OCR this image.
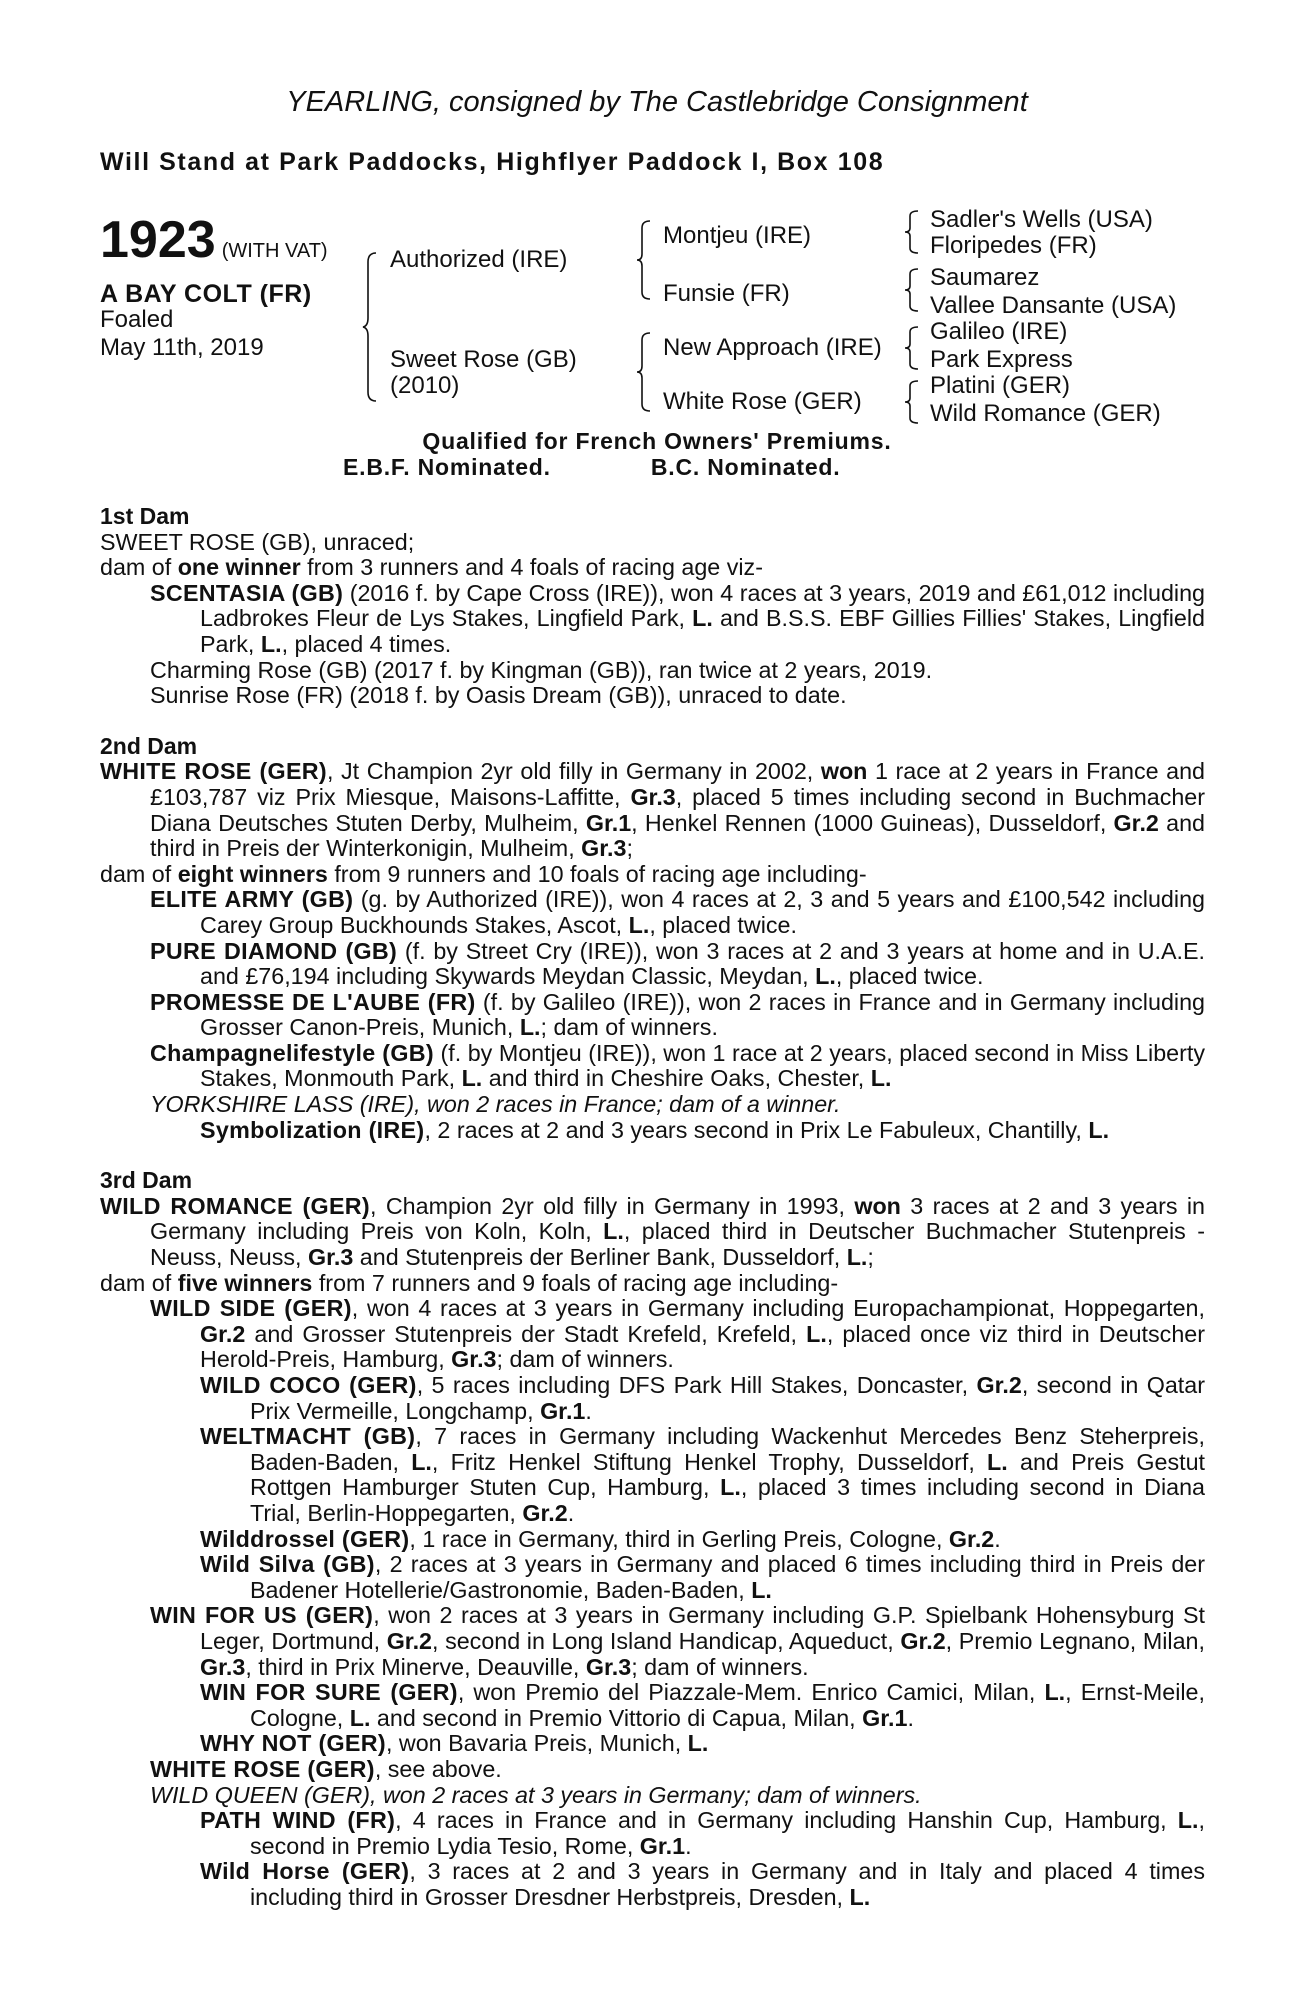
YEARLING, consigned by The Castlebridge Consignment
Will Stand at Park Paddocks, Highflyer Paddock I, Box 108
1923 (WITH VAT)
A BAY COLT (FR)
Foaled
May 11th, 2019
Authorized (IRE)
Sweet Rose (GB)
(2010)
Montjeu (IRE)
Funsie (FR)
New Approach (IRE)
White Rose (GER)
Sadler's Wells (USA)
Floripedes (FR)
Saumarez
Vallee Dansante (USA)
Galileo (IRE)
Park Express
Platini (GER)
Wild Romance (GER)
Qualified for French Owners' Premiums.
E.B.F. Nominated.	B.C. Nominated.
1st Dam
SWEET ROSE (GB), unraced;
dam of one winner from 3 runners and 4 foals of racing age viz-
SCENTASIA (GB) (2016 f. by Cape Cross (IRE)), won 4 races at 3 years, 2019 and £61,012 including Ladbrokes Fleur de Lys Stakes, Lingfield Park, L. and B.S.S. EBF Gillies Fillies' Stakes, Lingfield Park, L., placed 4 times.
Charming Rose (GB) (2017 f. by Kingman (GB)), ran twice at 2 years, 2019.
Sunrise Rose (FR) (2018 f. by Oasis Dream (GB)), unraced to date.
2nd Dam
WHITE ROSE (GER), Jt Champion 2yr old filly in Germany in 2002, won 1 race at 2 years in France and £103,787 viz Prix Miesque, Maisons-Laffitte, Gr.3, placed 5 times including second in Buchmacher Diana Deutsches Stuten Derby, Mulheim, Gr.1, Henkel Rennen (1000 Guineas), Dusseldorf, Gr.2 and third in Preis der Winterkonigin, Mulheim, Gr.3;
dam of eight winners from 9 runners and 10 foals of racing age including-
ELITE ARMY (GB) (g. by Authorized (IRE)), won 4 races at 2, 3 and 5 years and £100,542 including Carey Group Buckhounds Stakes, Ascot, L., placed twice.
PURE DIAMOND (GB) (f. by Street Cry (IRE)), won 3 races at 2 and 3 years at home and in U.A.E. and £76,194 including Skywards Meydan Classic, Meydan, L., placed twice.
PROMESSE DE L'AUBE (FR) (f. by Galileo (IRE)), won 2 races in France and in Germany including Grosser Canon-Preis, Munich, L.; dam of winners.
Champagnelifestyle (GB) (f. by Montjeu (IRE)), won 1 race at 2 years, placed second in Miss Liberty Stakes, Monmouth Park, L. and third in Cheshire Oaks, Chester, L.
YORKSHIRE LASS (IRE), won 2 races in France; dam of a winner.
Symbolization (IRE), 2 races at 2 and 3 years second in Prix Le Fabuleux, Chantilly, L.
3rd Dam
WILD ROMANCE (GER), Champion 2yr old filly in Germany in 1993, won 3 races at 2 and 3 years in Germany including Preis von Koln, Koln, L., placed third in Deutscher Buchmacher Stutenpreis - Neuss, Neuss, Gr.3 and Stutenpreis der Berliner Bank, Dusseldorf, L.;
dam of five winners from 7 runners and 9 foals of racing age including-
WILD SIDE (GER), won 4 races at 3 years in Germany including Europachampionat, Hoppegarten, Gr.2 and Grosser Stutenpreis der Stadt Krefeld, Krefeld, L., placed once viz third in Deutscher Herold-Preis, Hamburg, Gr.3; dam of winners.
WILD COCO (GER), 5 races including DFS Park Hill Stakes, Doncaster, Gr.2, second in Qatar Prix Vermeille, Longchamp, Gr.1.
WELTMACHT (GB), 7 races in Germany including Wackenhut Mercedes Benz Steherpreis, Baden-Baden, L., Fritz Henkel Stiftung Henkel Trophy, Dusseldorf, L. and Preis Gestut Rottgen Hamburger Stuten Cup, Hamburg, L., placed 3 times including second in Diana Trial, Berlin-Hoppegarten, Gr.2.
Wilddrossel (GER), 1 race in Germany, third in Gerling Preis, Cologne, Gr.2.
Wild Silva (GB), 2 races at 3 years in Germany and placed 6 times including third in Preis der Badener Hotellerie/Gastronomie, Baden-Baden, L.
WIN FOR US (GER), won 2 races at 3 years in Germany including G.P. Spielbank Hohensyburg St Leger, Dortmund, Gr.2, second in Long Island Handicap, Aqueduct, Gr.2, Premio Legnano, Milan, Gr.3, third in Prix Minerve, Deauville, Gr.3; dam of winners.
WIN FOR SURE (GER), won Premio del Piazzale-Mem. Enrico Camici, Milan, L., Ernst-Meile, Cologne, L. and second in Premio Vittorio di Capua, Milan, Gr.1.
WHY NOT (GER), won Bavaria Preis, Munich, L.
WHITE ROSE (GER), see above.
WILD QUEEN (GER), won 2 races at 3 years in Germany; dam of winners.
PATH WIND (FR), 4 races in France and in Germany including Hanshin Cup, Hamburg, L., second in Premio Lydia Tesio, Rome, Gr.1.
Wild Horse (GER), 3 races at 2 and 3 years in Germany and in Italy and placed 4 times including third in Grosser Dresdner Herbstpreis, Dresden, L.
